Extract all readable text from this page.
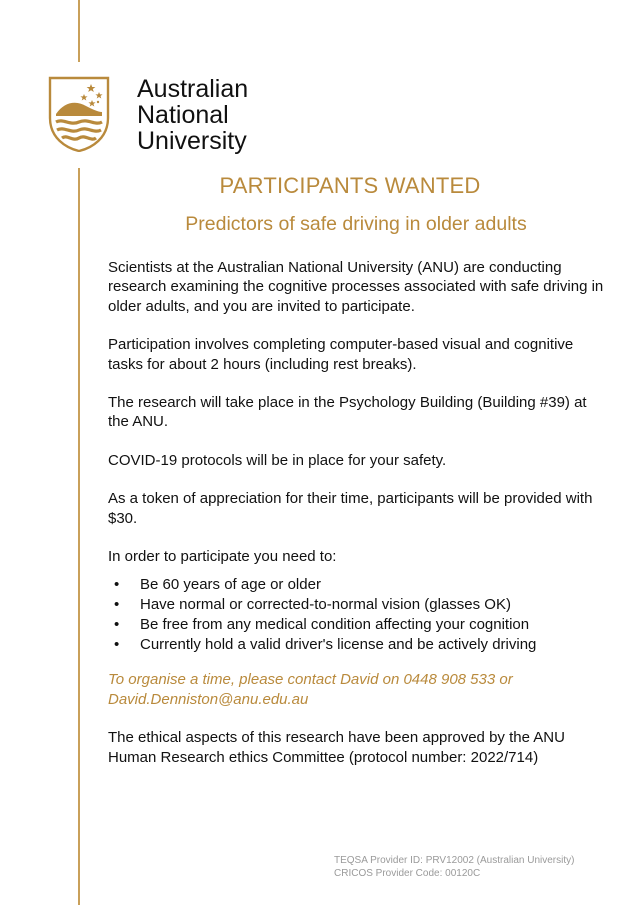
Australian
National
University
PARTICIPANTS WANTED
Predictors of safe driving in older adults

Scientists at the Australian National University (ANU) are conducting research examining the cognitive processes associated with safe driving in older adults, and you are invited to participate.

Participation involves completing computer-based visual and cognitive tasks for about 2 hours (including rest breaks).

The research will take place in the Psychology Building (Building #39) at the ANU.

COVID-19 protocols will be in place for your safety.

As a token of appreciation for their time, participants will be provided with $30.

In order to participate you need to:

• Be 60 years of age or older
• Have normal or corrected-to-normal vision (glasses OK)
• Be free from any medical condition affecting your cognition
• Currently hold a valid driver's license and be actively driving

To organise a time, please contact David on 0448 908 533 or
David.Denniston@anu.edu.au

The ethical aspects of this research have been approved by the ANU Human Research ethics Committee (protocol number: 2022/714)

TEQSA Provider ID: PRV12002 (Australian University)
CRICOS Provider Code: 00120C
